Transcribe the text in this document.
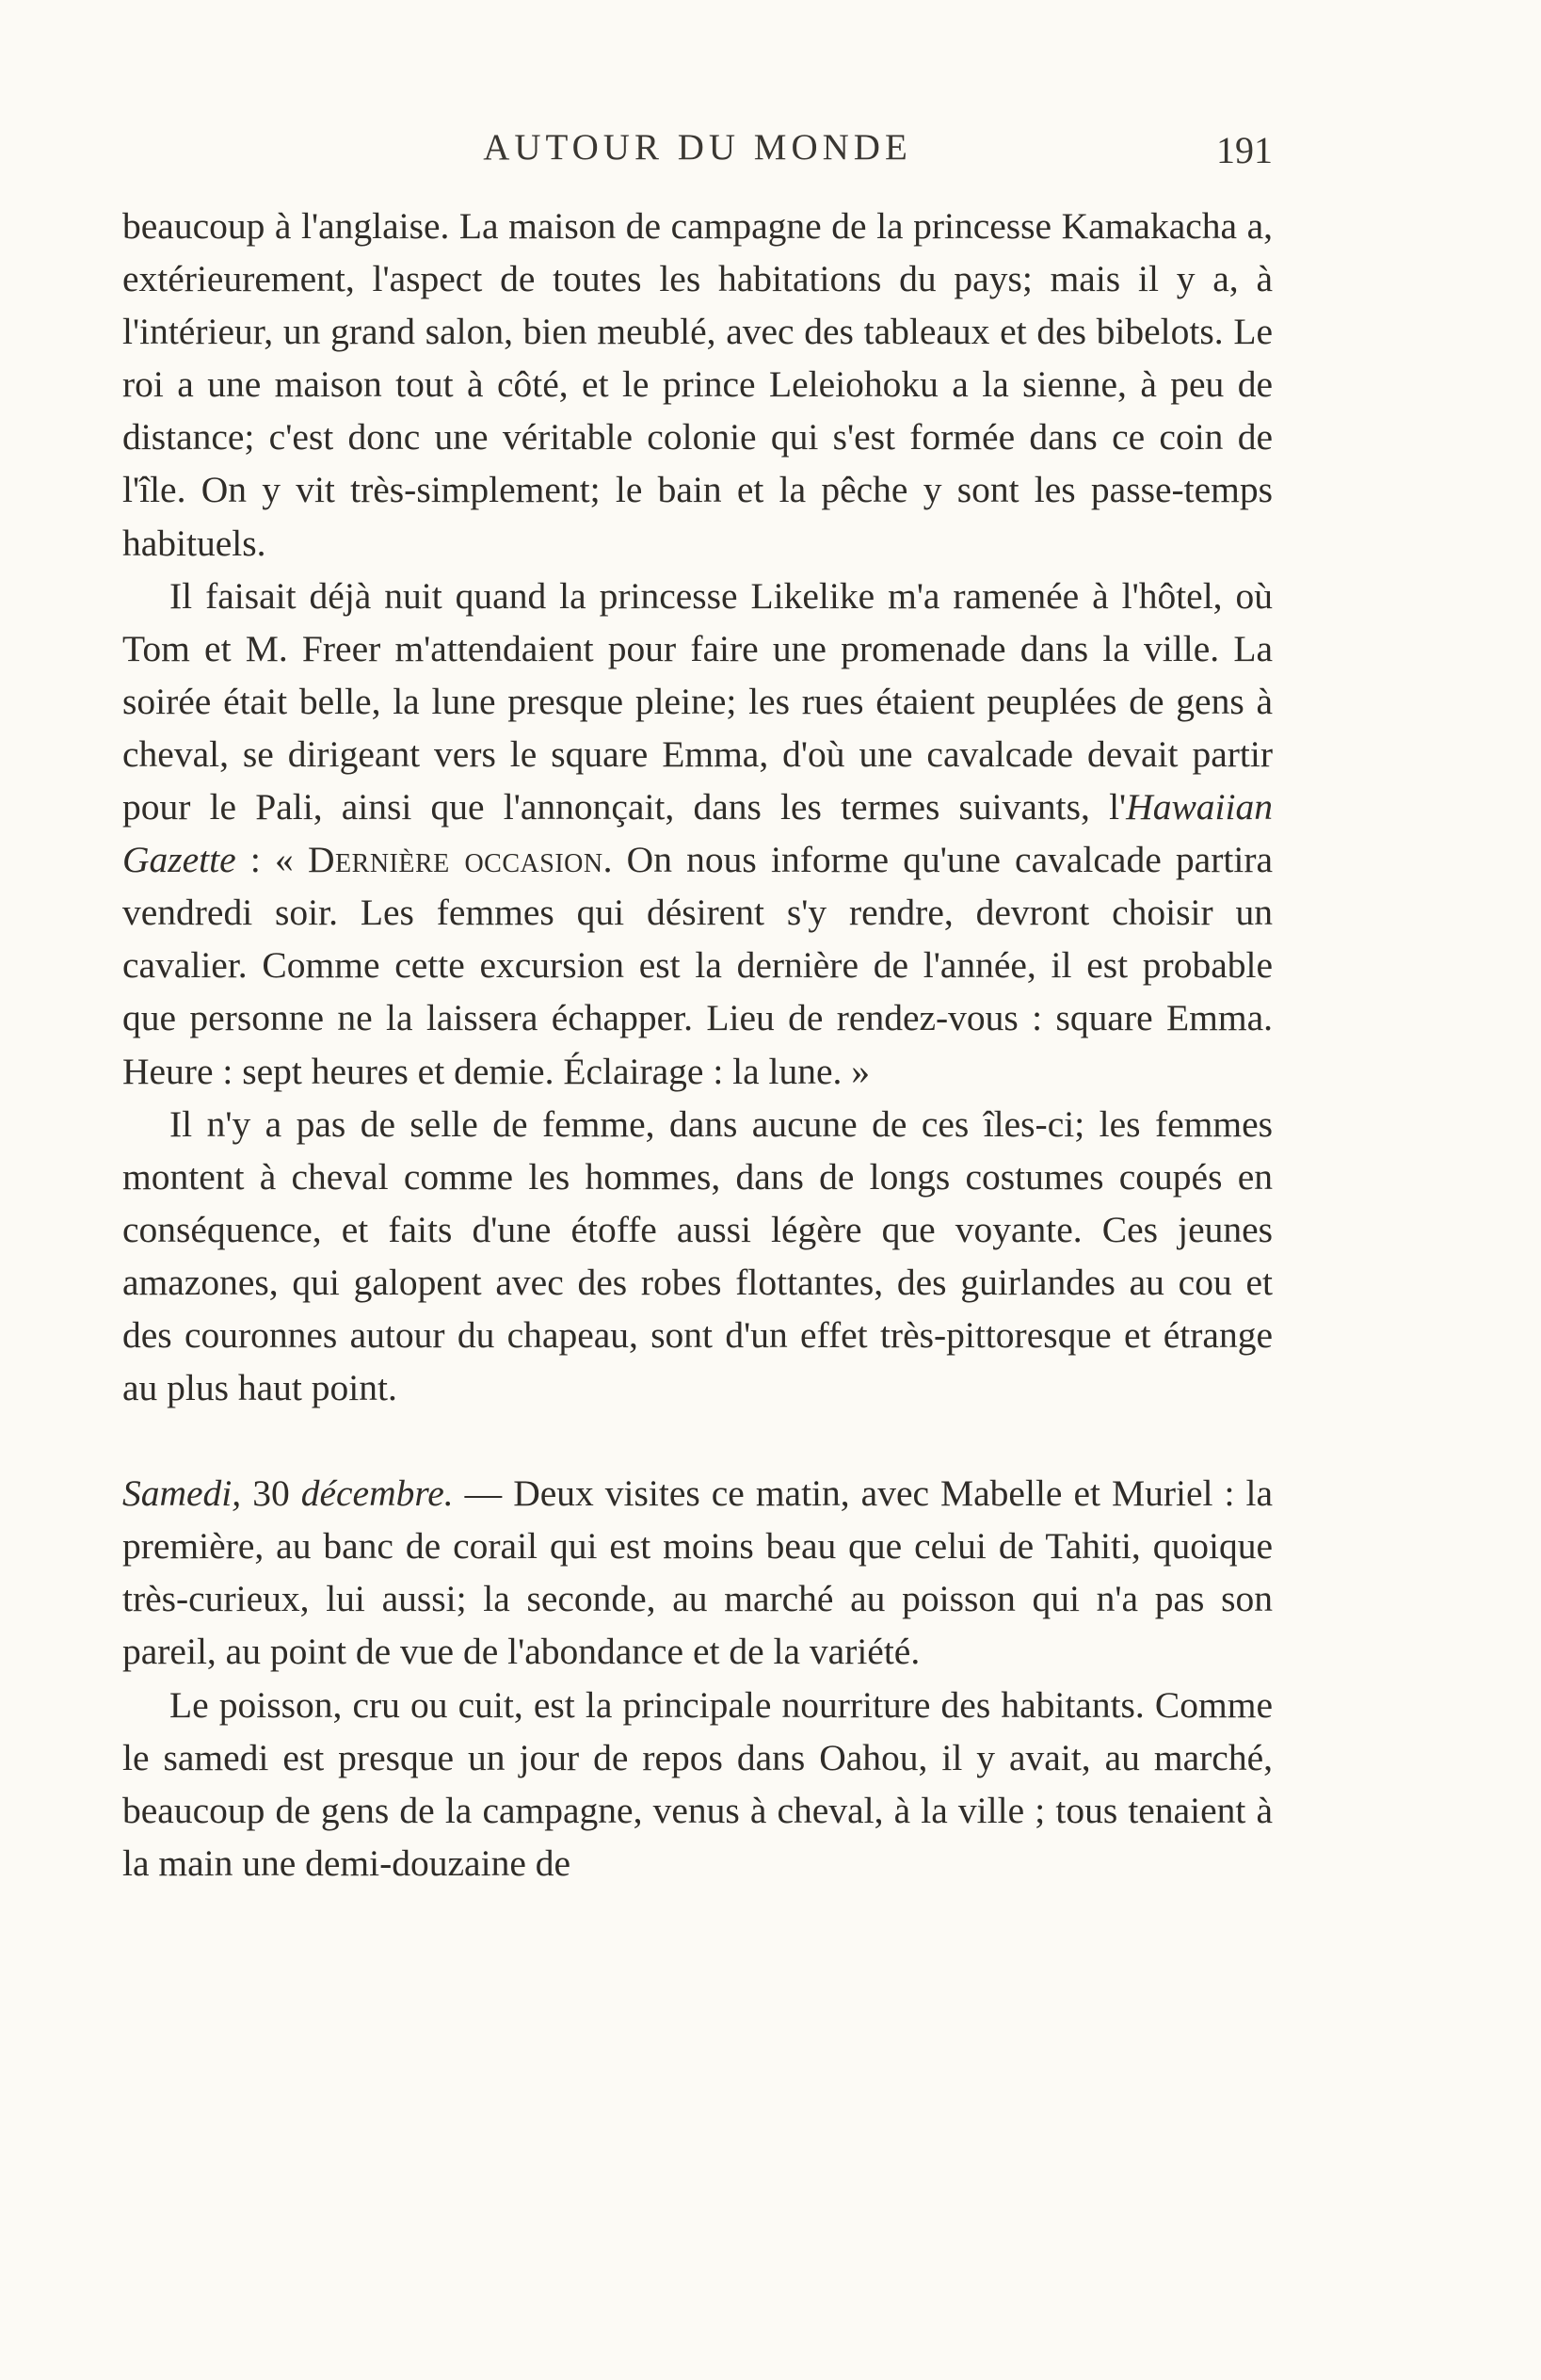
AUTOUR DU MONDE	191

beaucoup à l'anglaise. La maison de campagne de la princesse Kamakacha a, extérieurement, l'aspect de toutes les habitations du pays; mais il y a, à l'intérieur, un grand salon, bien meublé, avec des tableaux et des bibelots. Le roi a une maison tout à côté, et le prince Leleiohoku a la sienne, à peu de distance; c'est donc une véritable colonie qui s'est formée dans ce coin de l'île. On y vit très-simplement; le bain et la pêche y sont les passe-temps habituels.

Il faisait déjà nuit quand la princesse Likelike m'a ramenée à l'hôtel, où Tom et M. Freer m'attendaient pour faire une promenade dans la ville. La soirée était belle, la lune presque pleine; les rues étaient peuplées de gens à cheval, se dirigeant vers le square Emma, d'où une cavalcade devait partir pour le Pali, ainsi que l'annonçait, dans les termes suivants, l'Hawaiian Gazette : « Dernière occasion. On nous informe qu'une cavalcade partira vendredi soir. Les femmes qui désirent s'y rendre, devront choisir un cavalier. Comme cette excursion est la dernière de l'année, il est probable que personne ne la laissera échapper. Lieu de rendez-vous : square Emma. Heure : sept heures et demie. Éclairage : la lune. »

Il n'y a pas de selle de femme, dans aucune de ces îles-ci; les femmes montent à cheval comme les hommes, dans de longs costumes coupés en conséquence, et faits d'une étoffe aussi légère que voyante. Ces jeunes amazones, qui galopent avec des robes flottantes, des guirlandes au cou et des couronnes autour du chapeau, sont d'un effet très-pittoresque et étrange au plus haut point.

Samedi, 30 décembre. — Deux visites ce matin, avec Mabelle et Muriel : la première, au banc de corail qui est moins beau que celui de Tahiti, quoique très-curieux, lui aussi; la seconde, au marché au poisson qui n'a pas son pareil, au point de vue de l'abondance et de la variété.

Le poisson, cru ou cuit, est la principale nourriture des habitants. Comme le samedi est presque un jour de repos dans Oahou, il y avait, au marché, beaucoup de gens de la campagne, venus à cheval, à la ville ; tous tenaient à la main une demi-douzaine de
